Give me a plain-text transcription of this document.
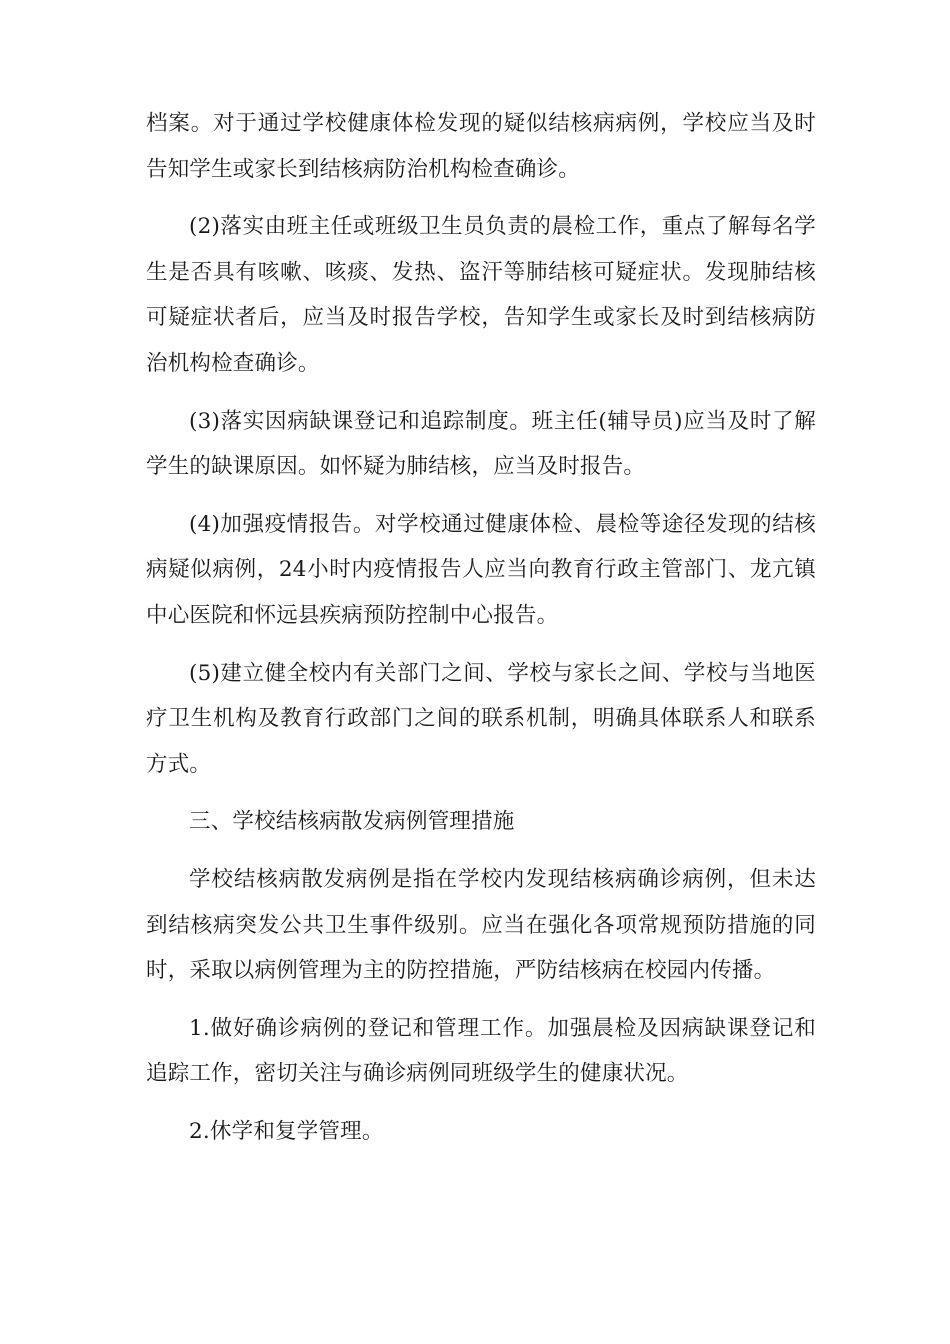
档案。对于通过学校健康体检发现的疑似结核病病例，学校应当及时告知学生或家长到结核病防治机构检查确诊。

(2)落实由班主任或班级卫生员负责的晨检工作，重点了解每名学生是否具有咳嗽、咳痰、发热、盗汗等肺结核可疑症状。发现肺结核可疑症状者后，应当及时报告学校，告知学生或家长及时到结核病防治机构检查确诊。

(3)落实因病缺课登记和追踪制度。班主任(辅导员)应当及时了解学生的缺课原因。如怀疑为肺结核，应当及时报告。

(4)加强疫情报告。对学校通过健康体检、晨检等途径发现的结核病疑似病例，24小时内疫情报告人应当向教育行政主管部门、龙亢镇中心医院和怀远县疾病预防控制中心报告。

(5)建立健全校内有关部门之间、学校与家长之间、学校与当地医疗卫生机构及教育行政部门之间的联系机制，明确具体联系人和联系方式。

三、学校结核病散发病例管理措施

学校结核病散发病例是指在学校内发现结核病确诊病例，但未达到结核病突发公共卫生事件级别。应当在强化各项常规预防措施的同时，采取以病例管理为主的防控措施，严防结核病在校园内传播。

1.做好确诊病例的登记和管理工作。加强晨检及因病缺课登记和追踪工作，密切关注与确诊病例同班级学生的健康状况。

2.休学和复学管理。
